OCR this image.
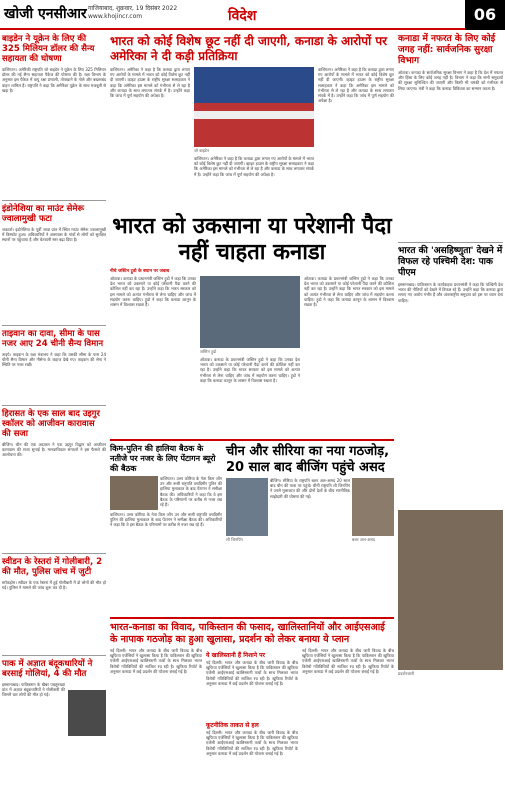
खोजी एनसीआर गाजियाबाद, शुक्रवार, 19 दिसंबर 2022
www.khojincr.com	विदेश	06
बाइडेन ने यूक्रेन के लिए की 325 मिलियन डॉलर की सैन्य सहायता की घोषणा
वाशिंगटन। अमेरिकी राष्ट्रपति जो बाइडेन ने यूक्रेन के लिए 325 मिलियन डॉलर की नई सैन्य सहायता पैकेज की घोषणा की है। रक्षा विभाग के अनुसार इस पैकेज में वायु रक्षा प्रणाली, तोपखाने के गोले और बख्तरबंद वाहन शामिल हैं। राष्ट्रपति ने कहा कि अमेरिका यूक्रेन के साथ मजबूती से खड़ा है।
इंडोनेशिया का माउंट सेमेरू ज्वालामुखी फटा
जकार्ता। इंडोनेशिया के पूर्वी जावा प्रांत में स्थित माउंट सेमेरू ज्वालामुखी में विस्फोट हुआ। अधिकारियों ने आसपास के गांवों से लोगों को सुरक्षित स्थानों पर पहुंचाया है और चेतावनी स्तर बढ़ा दिया है।
ताइवान का दावा, सीमा के पास नजर आए 24 चीनी सैन्य विमान
ताइपे। ताइवान के रक्षा मंत्रालय ने कहा कि उसकी सीमा के पास 24 चीनी सैन्य विमान और नौसेना के जहाज देखे गए। ताइवान की सेना ने स्थिति पर नजर रखी।
हिरासत के एक साल बाद उइगुर स्कॉलर को आजीवन कारावास की सजा
बीजिंग। चीन की एक अदालत ने एक उइगुर विद्वान को आजीवन कारावास की सजा सुनाई है। मानवाधिकार संगठनों ने इस फैसले की आलोचना की।
स्वीडन के रेस्तरां में गोलीबारी, 2 की मौत, पुलिस जांच में जुटी
स्टॉकहोम। स्वीडन के एक रेस्तरां में हुई गोलीबारी में दो लोगों की मौत हो गई। पुलिस ने मामले की जांच शुरू कर दी है।
पाक में अज्ञात बंदूकधारियों ने बरसाई गोलियां, 4 की मौत
इस्लामाबाद। पाकिस्तान के खैबर पख्तूनख्वा प्रांत में अज्ञात बंदूकधारियों ने गोलीबारी की जिसमें चार लोगों की मौत हो गई।
भारत को कोई विशेष छूट नहीं दी जाएगी, कनाडा के आरोपों पर अमेरिका ने दी कड़ी प्रतिक्रिया
वाशिंगटन। अमेरिका ने कहा है कि कनाडा द्वारा लगाए गए आरोपों के मामले में भारत को कोई विशेष छूट नहीं दी जाएगी। व्हाइट हाउस के राष्ट्रीय सुरक्षा सलाहकार ने कहा कि अमेरिका इस मामले को गंभीरता से ले रहा है और कनाडा के साथ लगातार संपर्क में है। उन्होंने कहा कि जांच में पूर्ण सहयोग की अपेक्षा है।
जो बाइडेन
वाशिंगटन। अमेरिका ने कहा है कि कनाडा द्वारा लगाए गए आरोपों के मामले में भारत को कोई विशेष छूट नहीं दी जाएगी। व्हाइट हाउस के राष्ट्रीय सुरक्षा सलाहकार ने कहा कि अमेरिका इस मामले को गंभीरता से ले रहा है और कनाडा के साथ लगातार संपर्क में है। उन्होंने कहा कि जांच में पूर्ण सहयोग की अपेक्षा है।
वाशिंगटन। अमेरिका ने कहा है कि कनाडा द्वारा लगाए गए आरोपों के मामले में भारत को कोई विशेष छूट नहीं दी जाएगी। व्हाइट हाउस के राष्ट्रीय सुरक्षा सलाहकार ने कहा कि अमेरिका इस मामले को गंभीरता से ले रहा है और कनाडा के साथ लगातार संपर्क में है। उन्होंने कहा कि जांच में पूर्ण सहयोग की अपेक्षा है।
भारत को उकसाना या परेशानी पैदा नहीं चाहता कनाडा
नीचे जस्टिन ट्रूडो के बयान पर जवाब
ओटावा। कनाडा के प्रधानमंत्री जस्टिन ट्रूडो ने कहा कि उनका देश भारत को उकसाने या कोई परेशानी पैदा करने की कोशिश नहीं कर रहा है। उन्होंने कहा कि भारत सरकार को इस मामले को अत्यंत गंभीरता से लेना चाहिए और जांच में सहयोग करना चाहिए। ट्रूडो ने कहा कि कनाडा कानून के शासन में विश्वास रखता है।
जस्टिन ट्रूडो
ओटावा। कनाडा के प्रधानमंत्री जस्टिन ट्रूडो ने कहा कि उनका देश भारत को उकसाने या कोई परेशानी पैदा करने की कोशिश नहीं कर रहा है। उन्होंने कहा कि भारत सरकार को इस मामले को अत्यंत गंभीरता से लेना चाहिए और जांच में सहयोग करना चाहिए। ट्रूडो ने कहा कि कनाडा कानून के शासन में विश्वास रखता है।
ओटावा। कनाडा के प्रधानमंत्री जस्टिन ट्रूडो ने कहा कि उनका देश भारत को उकसाने या कोई परेशानी पैदा करने की कोशिश नहीं कर रहा है। उन्होंने कहा कि भारत सरकार को इस मामले को अत्यंत गंभीरता से लेना चाहिए और जांच में सहयोग करना चाहिए। ट्रूडो ने कहा कि कनाडा कानून के शासन में विश्वास रखता है।
किम-पुतिन की हालिया बैठक के नतीजे पर नजर के लिए पेंटागन ब्यूरो की बैठक
वाशिंगटन। उत्तर कोरिया के नेता किम जोंग उन और रूसी राष्ट्रपति व्लादिमीर पुतिन की हालिया मुलाकात के बाद पेंटागन ने समीक्षा बैठक की। अधिकारियों ने कहा कि वे इस बैठक के परिणामों पर करीब से नजर रख रहे हैं।
वाशिंगटन। उत्तर कोरिया के नेता किम जोंग उन और रूसी राष्ट्रपति व्लादिमीर पुतिन की हालिया मुलाकात के बाद पेंटागन ने समीक्षा बैठक की। अधिकारियों ने कहा कि वे इस बैठक के परिणामों पर करीब से नजर रख रहे हैं।
चीन और सीरिया का नया गठजोड़, 20 साल बाद बीजिंग पहुंचे असद
शी जिनपिंग
बीजिंग। सीरिया के राष्ट्रपति बशर अल-असद 20 साल बाद चीन की यात्रा पर पहुंचे। चीनी राष्ट्रपति शी जिनपिंग ने उनसे मुलाकात की और दोनों देशों के बीच रणनीतिक साझेदारी की घोषणा की गई।
बशर अल-असद
भारत-कनाडा का विवाद, पाकिस्तान की फसाद, खालिस्तानियों और आईएसआई के नापाक गठजोड़ का हुआ खुलासा, प्रदर्शन को लेकर बनाया ये प्लान
नई दिल्ली। भारत और कनाडा के बीच जारी विवाद के बीच खुफिया एजेंसियों ने खुलासा किया है कि पाकिस्तान की खुफिया एजेंसी आईएसआई खालिस्तानी तत्वों के साथ मिलकर भारत विरोधी गतिविधियों की साजिश रच रही है। खुफिया रिपोर्ट के अनुसार कनाडा में कई प्रदर्शन की योजना बनाई गई है।
ये खालिस्तानी हैं निशाने पर
नई दिल्ली। भारत और कनाडा के बीच जारी विवाद के बीच खुफिया एजेंसियों ने खुलासा किया है कि पाकिस्तान की खुफिया एजेंसी आईएसआई खालिस्तानी तत्वों के साथ मिलकर भारत विरोधी गतिविधियों की साजिश रच रही है। खुफिया रिपोर्ट के अनुसार कनाडा में कई प्रदर्शन की योजना बनाई गई है।
कूटनीतिक ताकत से हल
नई दिल्ली। भारत और कनाडा के बीच जारी विवाद के बीच खुफिया एजेंसियों ने खुलासा किया है कि पाकिस्तान की खुफिया एजेंसी आईएसआई खालिस्तानी तत्वों के साथ मिलकर भारत विरोधी गतिविधियों की साजिश रच रही है। खुफिया रिपोर्ट के अनुसार कनाडा में कई प्रदर्शन की योजना बनाई गई है।
नई दिल्ली। भारत और कनाडा के बीच जारी विवाद के बीच खुफिया एजेंसियों ने खुलासा किया है कि पाकिस्तान की खुफिया एजेंसी आईएसआई खालिस्तानी तत्वों के साथ मिलकर भारत विरोधी गतिविधियों की साजिश रच रही है। खुफिया रिपोर्ट के अनुसार कनाडा में कई प्रदर्शन की योजना बनाई गई है।
कनाडा में नफरत के लिए कोई जगह नहीं: सार्वजनिक सुरक्षा विभाग
ओटावा। कनाडा के सार्वजनिक सुरक्षा विभाग ने कहा है कि देश में नफरत और हिंसा के लिए कोई जगह नहीं है। विभाग ने कहा कि सभी समुदायों की सुरक्षा सुनिश्चित की जाएगी और किसी भी धमकी को गंभीरता से लिया जाएगा। मंत्री ने कहा कि कनाडा विविधता का सम्मान करता है।
भारत की 'असहिष्णुता' देखने में विफल रहे पश्चिमी देश: पाक पीएम
इस्लामाबाद। पाकिस्तान के कार्यवाहक प्रधानमंत्री ने कहा कि पश्चिमी देश भारत की नीतियों को देखने में विफल रहे हैं। उन्होंने कहा कि कनाडा द्वारा लगाए गए आरोप गंभीर हैं और अंतरराष्ट्रीय समुदाय को इस पर ध्यान देना चाहिए।
प्रदर्शनकारी
